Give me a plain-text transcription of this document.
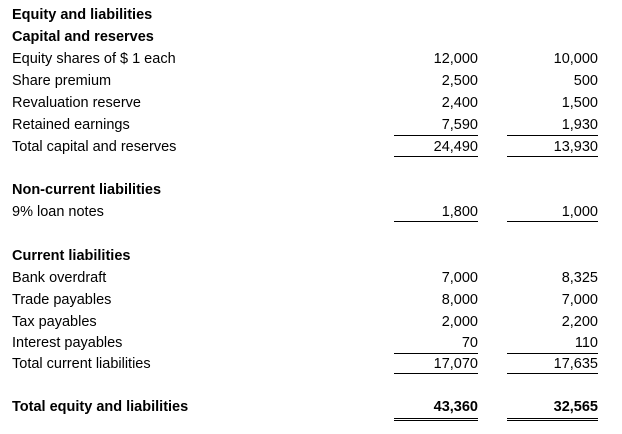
Equity and liabilities
Capital and reserves
Equity shares of $ 1 each	12,000	10,000
Share premium	2,500	500
Revaluation reserve	2,400	1,500
Retained earnings	7,590	1,930
Total capital and reserves	24,490	13,930
Non-current liabilities
9% loan notes	1,800	1,000
Current liabilities
Bank overdraft	7,000	8,325
Trade payables	8,000	7,000
Tax payables	2,000	2,200
Interest payables	70	110
Total current liabilities	17,070	17,635
Total equity and liabilities	43,360	32,565
